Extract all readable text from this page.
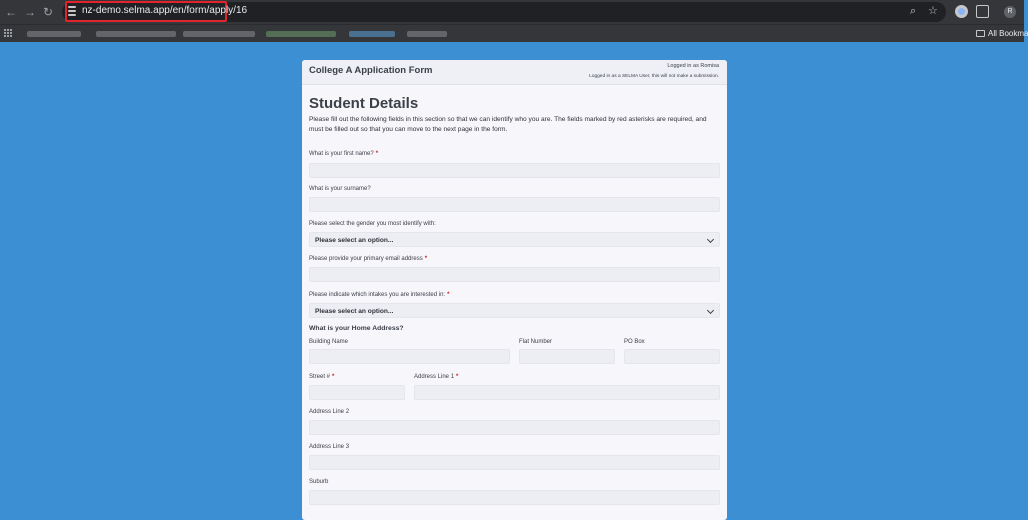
← → ↻	nz-demo.selma.app/en/form/apply/16	⌕ ☆	R
All Bookma
College A Application Form	Logged in as Romisa
Logged in as a SELMA User, this will not make a submission.
Student Details
Please fill out the following fields in this section so that we can identify who you are. The fields marked by red asterisks are required, and must be filled out so that you can move to the next page in the form.
What is your first name? *
What is your surname?
Please select the gender you most identify with:
Please select an option...
Please provide your primary email address *
Please indicate which intakes you are interested in: *
Please select an option...
What is your Home Address?
Building Name	Flat Number	PO Box
Street # *	Address Line 1 *
Address Line 2
Address Line 3
Suburb
